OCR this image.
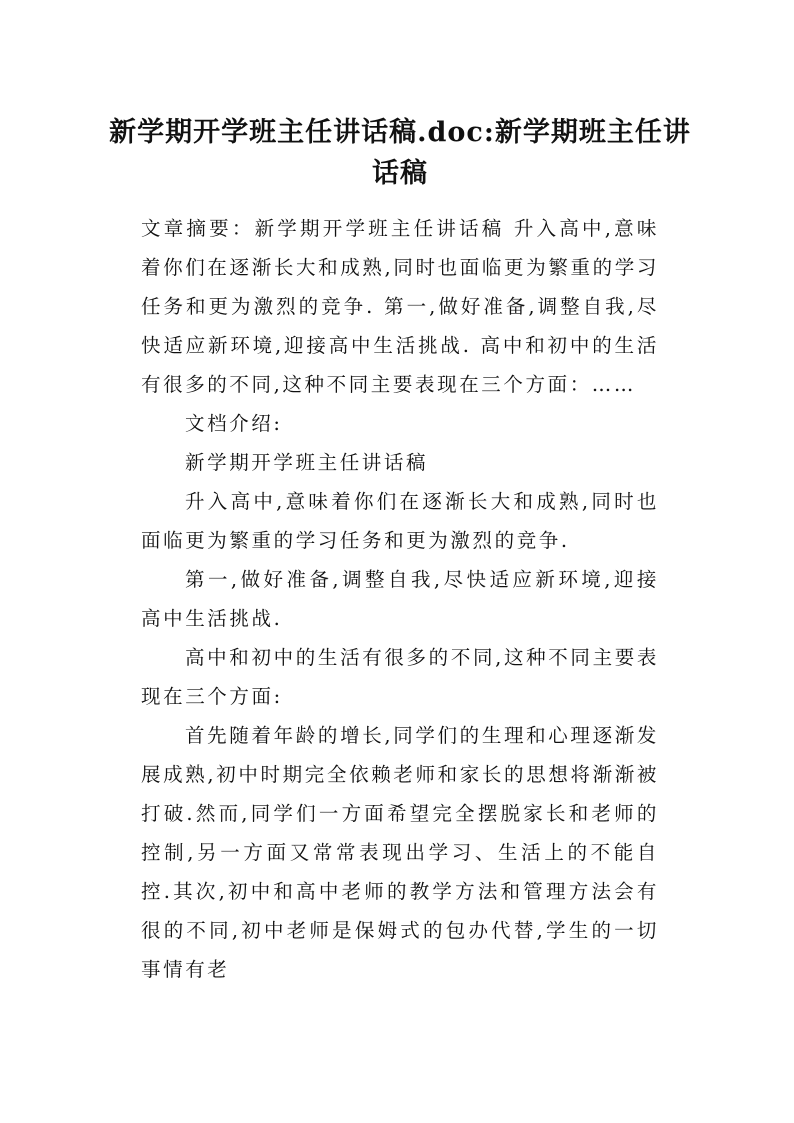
新学期开学班主任讲话稿.doc:新学期班主任讲话稿

文章摘要：新学期开学班主任讲话稿 升入高中,意味着你们在逐渐长大和成熟,同时也面临更为繁重的学习任务和更为激烈的竞争. 第一,做好准备,调整自我,尽快适应新环境,迎接高中生活挑战. 高中和初中的生活有很多的不同,这种不同主要表现在三个方面：……

文档介绍:

新学期开学班主任讲话稿

升入高中,意味着你们在逐渐长大和成熟,同时也面临更为繁重的学习任务和更为激烈的竞争.

第一,做好准备,调整自我,尽快适应新环境,迎接高中生活挑战.

高中和初中的生活有很多的不同,这种不同主要表现在三个方面:

首先随着年龄的增长,同学们的生理和心理逐渐发展成熟,初中时期完全依赖老师和家长的思想将渐渐被打破.然而,同学们一方面希望完全摆脱家长和老师的控制,另一方面又常常表现出学习、生活上的不能自控.其次,初中和高中老师的教学方法和管理方法会有很的不同,初中老师是保姆式的包办代替,学生的一切事情有老
